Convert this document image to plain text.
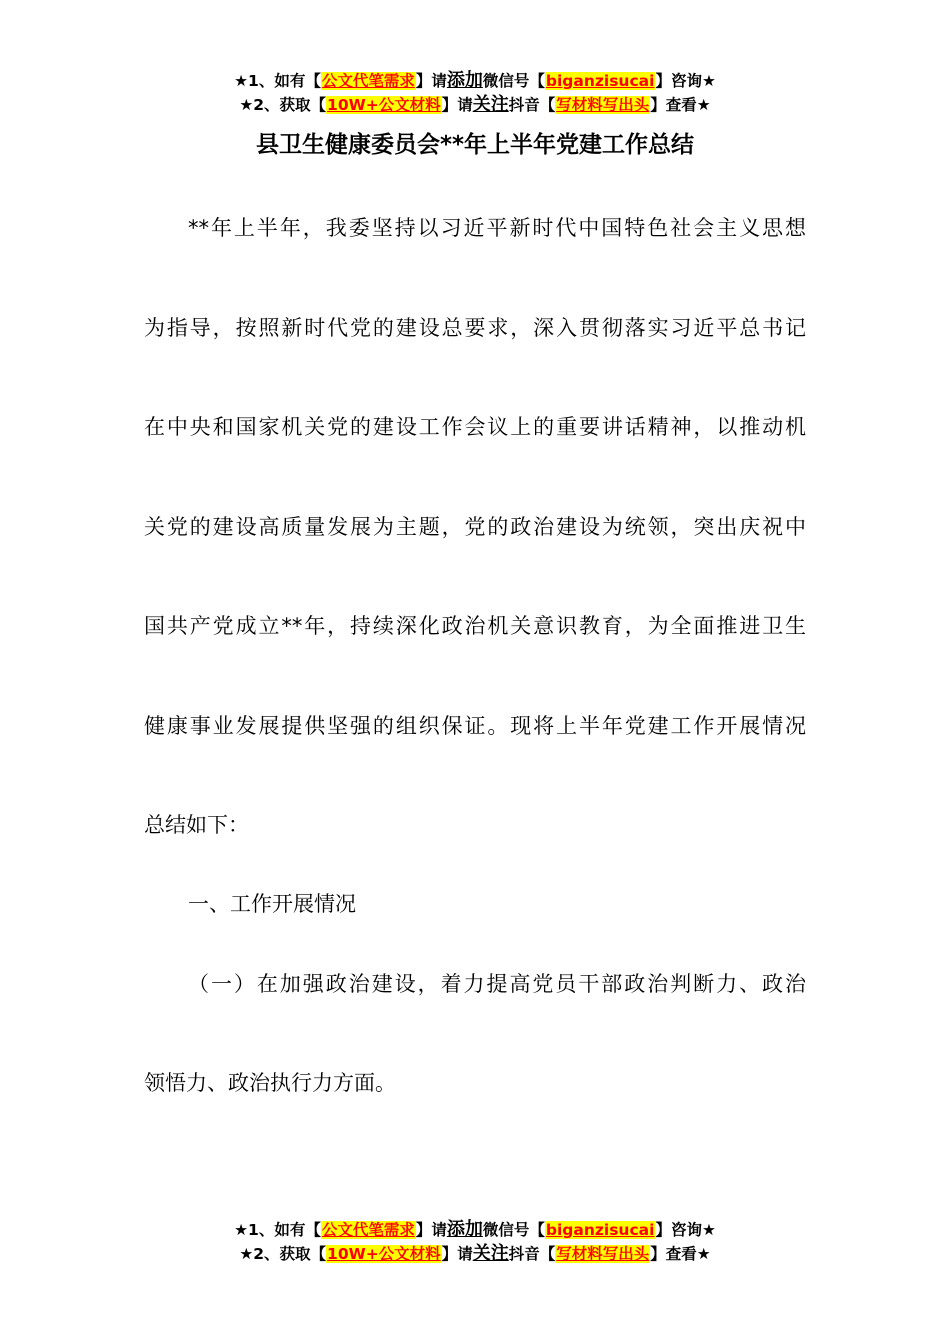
★1、如有【公文代笔需求】请添加微信号【biganzisucai】咨询★
★2、获取【10W+公文材料】请关注抖音【写材料写出头】查看★
县卫生健康委员会**年上半年党建工作总结
**年上半年，我委坚持以习近平新时代中国特色社会主义思想
为指导，按照新时代党的建设总要求，深入贯彻落实习近平总书记
在中央和国家机关党的建设工作会议上的重要讲话精神，以推动机
关党的建设高质量发展为主题，党的政治建设为统领，突出庆祝中
国共产党成立**年，持续深化政治机关意识教育，为全面推进卫生
健康事业发展提供坚强的组织保证。现将上半年党建工作开展情况
总结如下：
一、工作开展情况
（一）在加强政治建设，着力提高党员干部政治判断力、政治
领悟力、政治执行力方面。
★1、如有【公文代笔需求】请添加微信号【biganzisucai】咨询★
★2、获取【10W+公文材料】请关注抖音【写材料写出头】查看★
